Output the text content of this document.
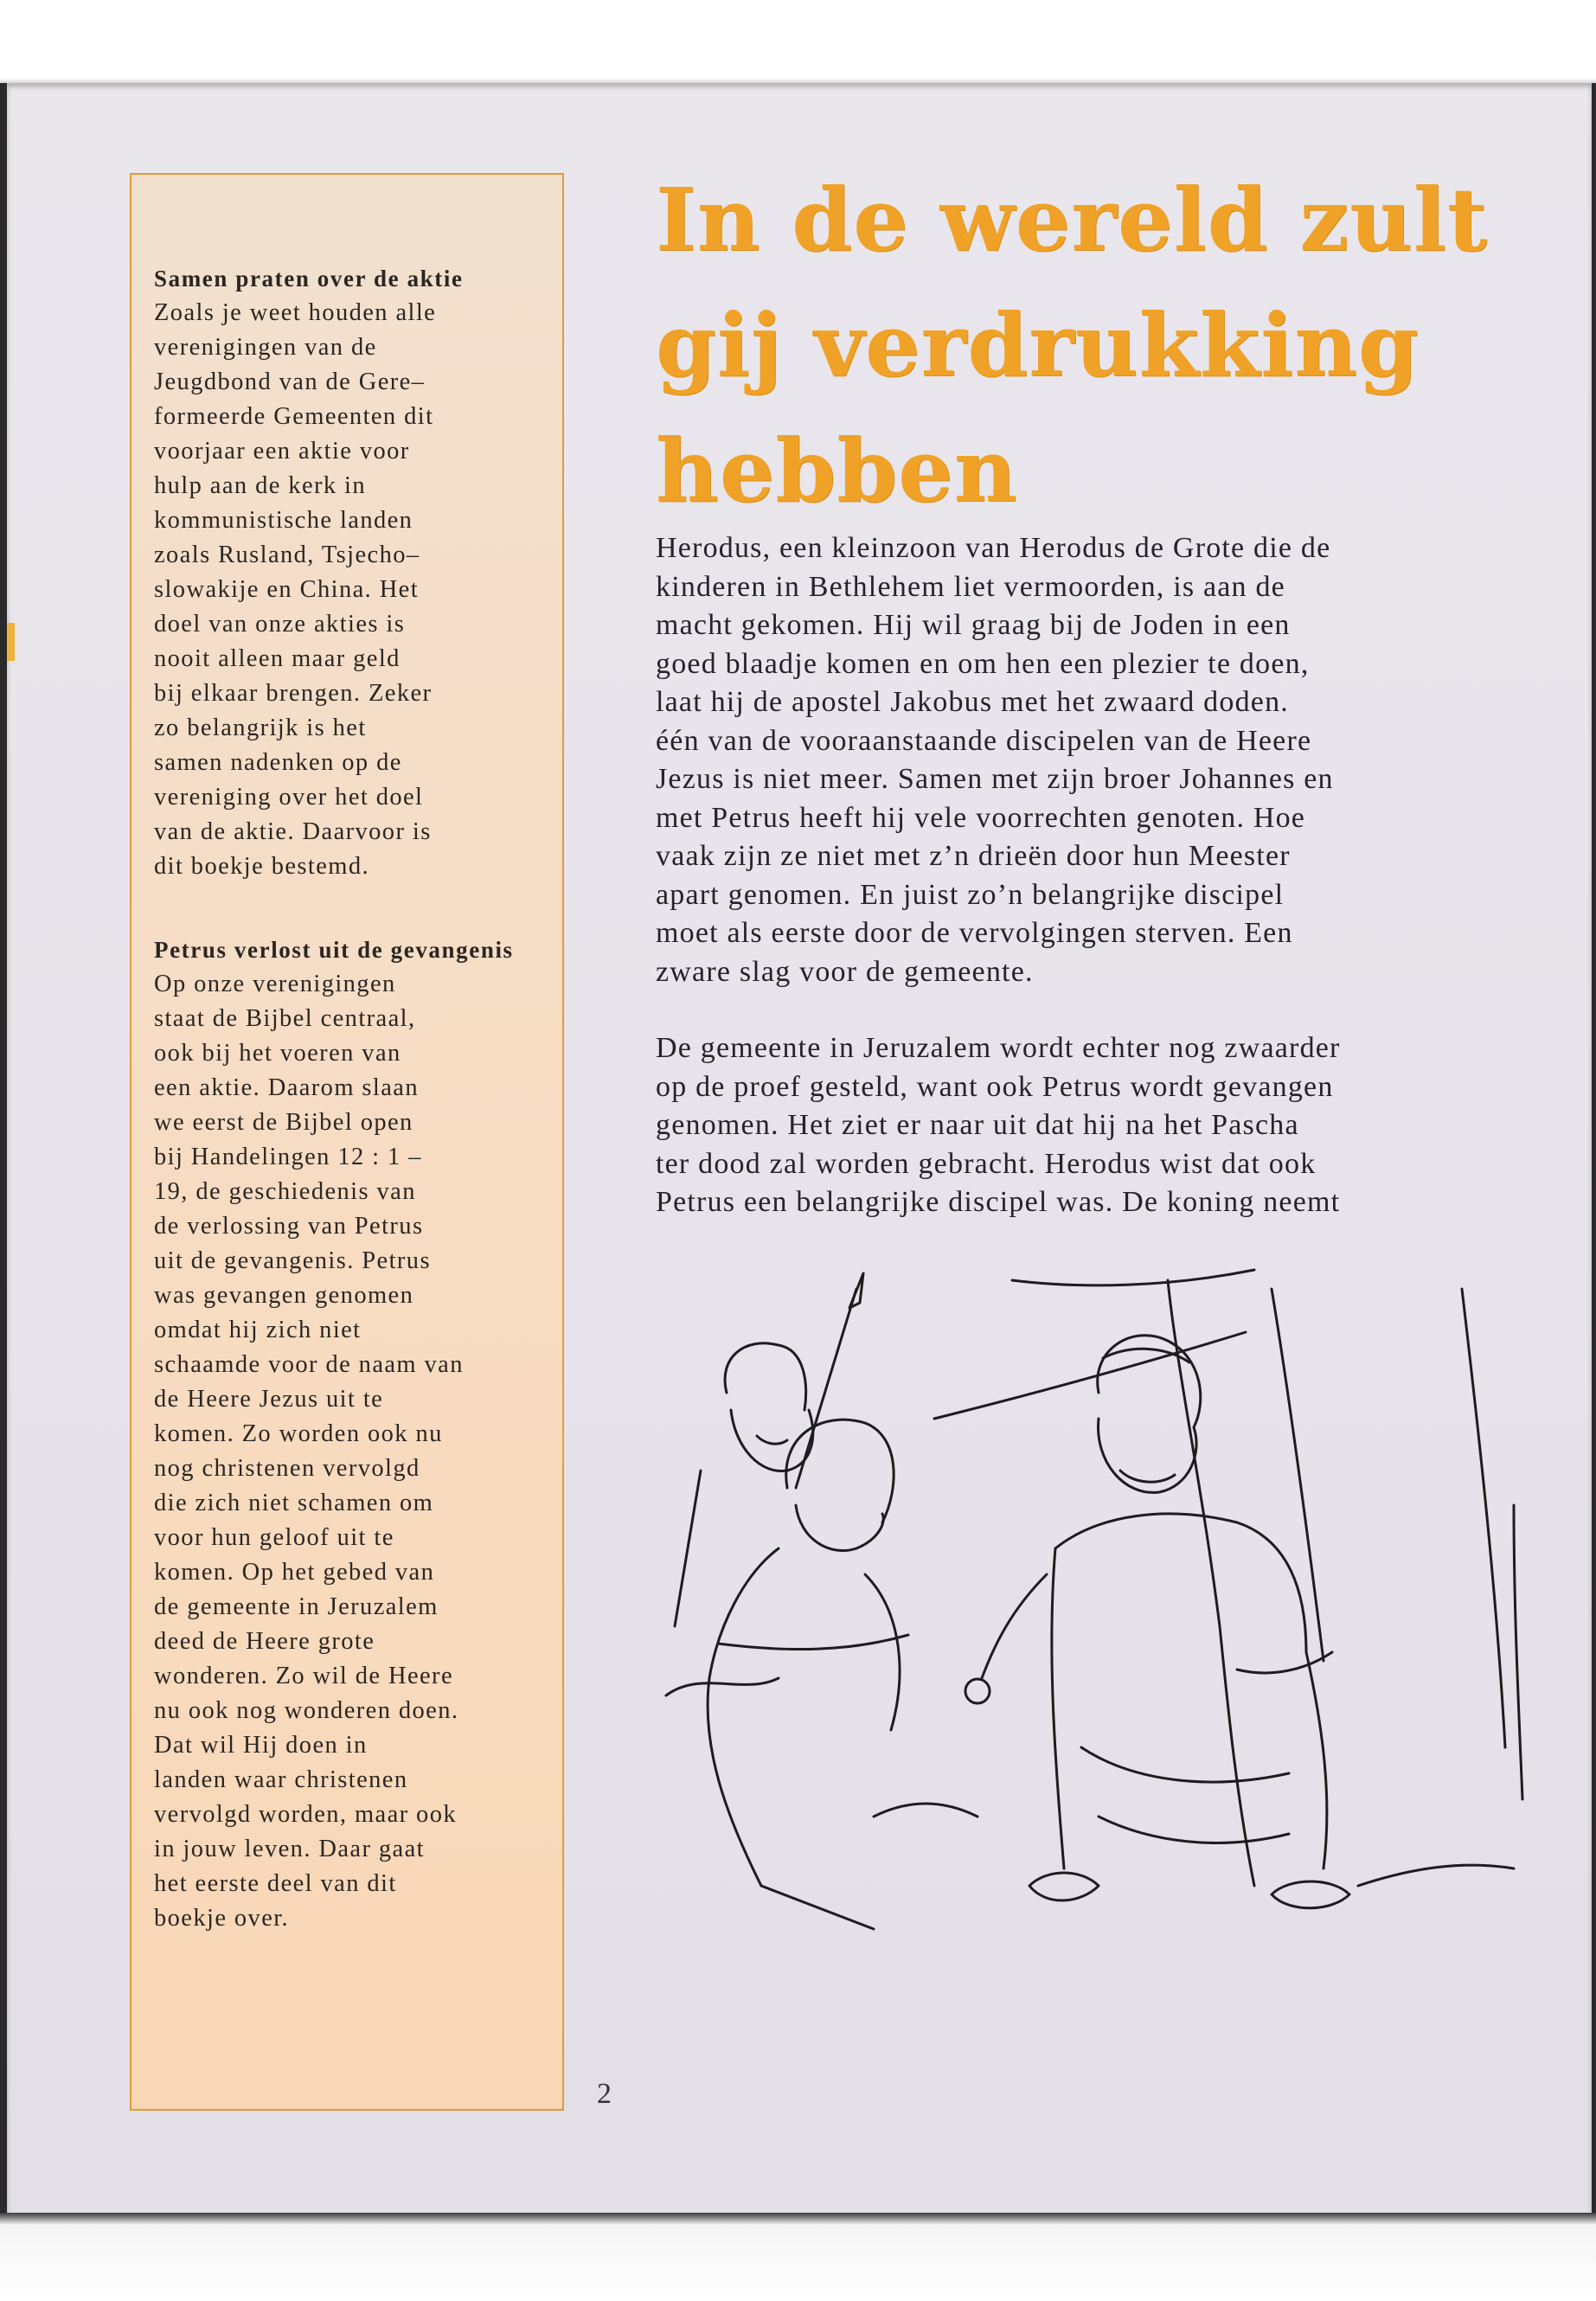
Samen praten over de aktie

Zoals je weet houden alle
verenigingen van de
Jeugdbond van de Gere–
formeerde Gemeenten dit
voorjaar een aktie voor
hulp aan de kerk in
kommunistische landen
zoals Rusland, Tsjecho–
slowakije en China. Het
doel van onze akties is
nooit alleen maar geld
bij elkaar brengen. Zeker
zo belangrijk is het
samen nadenken op de
vereniging over het doel
van de aktie. Daarvoor is
dit boekje bestemd.

Petrus verlost uit de gevangenis

Op onze verenigingen
staat de Bijbel centraal,
ook bij het voeren van
een aktie. Daarom slaan
we eerst de Bijbel open
bij Handelingen 12 : 1 –
19, de geschiedenis van
de verlossing van Petrus
uit de gevangenis. Petrus
was gevangen genomen
omdat hij zich niet
schaamde voor de naam van
de Heere Jezus uit te
komen. Zo worden ook nu
nog christenen vervolgd
die zich niet schamen om
voor hun geloof uit te
komen. Op het gebed van
de gemeente in Jeruzalem
deed de Heere grote
wonderen. Zo wil de Heere
nu ook nog wonderen doen.
Dat wil Hij doen in
landen waar christenen
vervolgd worden, maar ook
in jouw leven. Daar gaat
het eerste deel van dit
boekje over.

In de wereld zult
gij verdrukking
hebben

Herodus, een kleinzoon van Herodus de Grote die de
kinderen in Bethlehem liet vermoorden, is aan de
macht gekomen. Hij wil graag bij de Joden in een
goed blaadje komen en om hen een plezier te doen,
laat hij de apostel Jakobus met het zwaard doden.
één van de vooraanstaande discipelen van de Heere
Jezus is niet meer. Samen met zijn broer Johannes en
met Petrus heeft hij vele voorrechten genoten. Hoe
vaak zijn ze niet met z’n drieën door hun Meester
apart genomen. En juist zo’n belangrijke discipel
moet als eerste door de vervolgingen sterven. Een
zware slag voor de gemeente.

De gemeente in Jeruzalem wordt echter nog zwaarder
op de proef gesteld, want ook Petrus wordt gevangen
genomen. Het ziet er naar uit dat hij na het Pascha
ter dood zal worden gebracht. Herodus wist dat ook
Petrus een belangrijke discipel was. De koning neemt

2
